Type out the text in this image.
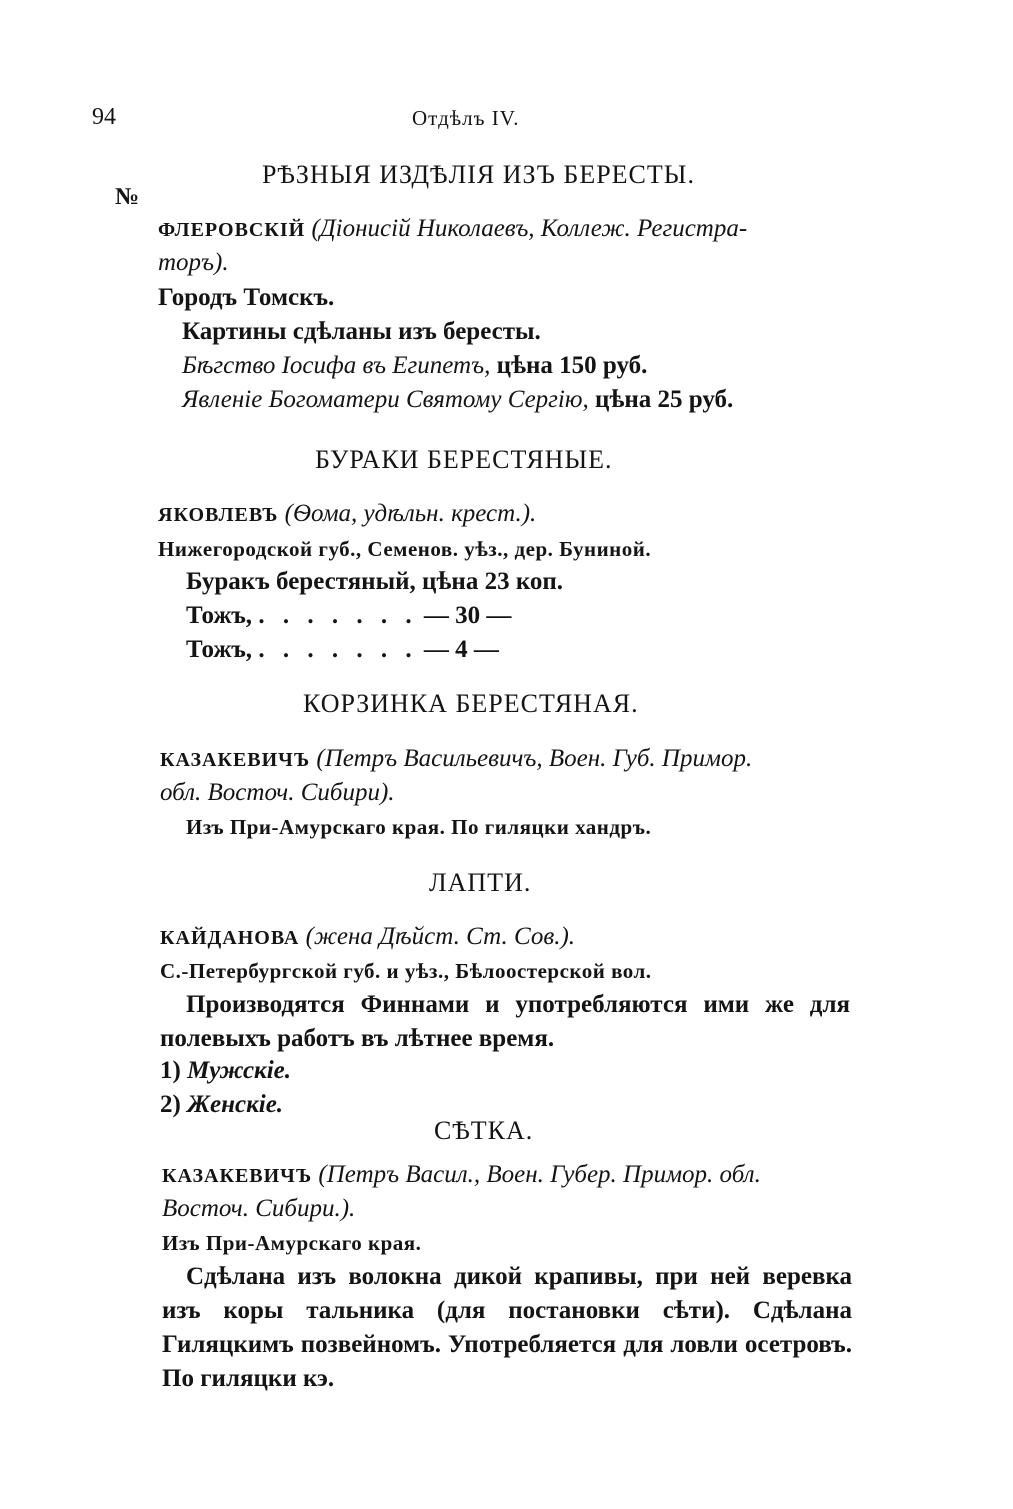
94	Отдѣлъ IV.
№
РѢЗНЫЯ ИЗДѢЛІЯ ИЗЪ БЕРЕСТЫ.
ФЛЕРОВСКІЙ (Діонисій Николаевъ, Коллеж. Регистра-
торъ).
Городъ Томскъ.
Картины сдѣланы изъ бересты.
Бѣгство Іосифа въ Египетъ, цѣна 150 руб.
Явленіе Богоматери Святому Сергію, цѣна 25 руб.
БУРАКИ БЕРЕСТЯНЫЕ.
ЯКОВЛЕВЪ (Ѳома, удѣльн. крест.).
Нижегородской губ., Семенов. уѣз., дер. Буниной.
Буракъ берестяный, цѣна 23 коп.
Тожъ, . . . . . . . — 30 —
Тожъ, . . . . . . . — 4 —
КОРЗИНКА БЕРЕСТЯНАЯ.
КАЗАКЕВИЧЪ (Петръ Васильевичъ, Воен. Губ. Примор.
обл. Восточ. Сибири).
Изъ При-Амурскаго края. По гиляцки хандръ.
ЛАПТИ.
КАЙДАНОВА (жена Дѣйст. Ст. Сов.).
С.-Петербургской губ. и уѣз., Бѣлоостерской вол.
Производятся Финнами и употребляются ими же для полевыхъ работъ въ лѣтнее время.
1) Мужскіе.
2) Женскіе.
СѢТКА.
КАЗАКЕВИЧЪ (Петръ Васил., Воен. Губер. Примор. обл.
Восточ. Сибири.).
Изъ При-Амурскаго края.
Сдѣлана изъ волокна дикой крапивы, при ней веревка изъ коры тальника (для постановки сѣти). Сдѣлана Гиляцкимъ позвейномъ. Употребляется для ловли осетровъ. По гиляцки кэ.
